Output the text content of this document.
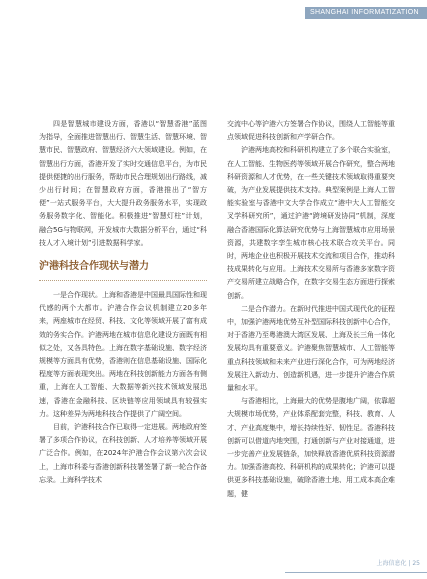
SHANGHAI INFORMATIZATION

四是智慧城市建设方面，香港以“智慧香港”蓝图为指导，全面推进智慧出行、智慧生活、智慧环境、智慧市民、智慧政府、智慧经济六大领域建设。例如，在智慧出行方面，香港开发了实时交通信息平台，为市民提供便捷的出行服务，帮助市民合理规划出行路线，减少出行时间；在智慧政府方面，香港推出了“智方便”一站式服务平台，大大提升政务服务水平，实现政务服务数字化、智能化。积极推进“智慧灯柱”计划，融合5G与物联网，开发城市大数据分析平台，通过“科技人才入境计划”引进数据科学家。

沪港科技合作现状与潜力

一是合作现状。上海和香港是中国最具国际性和现代感的两个大都市。沪港合作会议机制建立20多年来，两座城市在经贸、科技、文化等领域开展了富有成效的务实合作。沪港两地在城市信息化建设方面既有相似之处，又各具特色。上海在数字基础设施、数字经济规模等方面具有优势，香港则在信息基础设施、国际化程度等方面表现突出。两地在科技创新能力方面各有侧重，上海在人工智能、大数据等新兴技术领域发展迅速，香港在金融科技、区块链等应用领域具有较强实力。这种差异为两地科技合作提供了广阔空间。

目前，沪港科技合作已取得一定进展。两地政府签署了多项合作协议，在科技创新、人才培养等领域开展广泛合作。例如，在2024年沪港合作会议第六次会议上，上海市科委与香港创新科技署签署了新一轮合作备忘录。上海科学技术

交流中心等沪港六方签署合作协议，围绕人工智能等重点领域促进科技创新和产学研合作。

沪港两地高校和科研机构建立了多个联合实验室，在人工智能、生物医药等领域开展合作研究，整合两地科研资源和人才优势，在一些关键技术领域取得重要突破，为产业发展提供技术支持。典型案例是上海人工智能实验室与香港中文大学合作成立“港中大人工智能交叉学科研究所”，通过沪港“跨境研发协同”机制，深度融合香港国际化算法研究优势与上海智慧城市应用场景资源，共建数字孪生城市核心技术联合攻关平台。同时，两地企业也积极开展技术交流和项目合作，推动科技成果转化与应用。上海技术交易所与香港多家数字资产交易所建立战略合作，在数字交易生态方面进行探索创新。

二是合作潜力。在新时代推进中国式现代化的征程中，加强沪港两地优势互补型国际科技创新中心合作，对于香港乃至粤港澳大湾区发展、上海及长三角一体化发展均具有重要意义。沪港聚焦智慧城市、人工智能等重点科技领域和未来产业进行深化合作，可为两地经济发展注入新动力、创造新机遇，进一步提升沪港合作质量和水平。

与香港相比，上海最大的优势是腹地广阔，依靠超大规模市场优势，产业体系配套完整，科技、教育、人才、产业高度集中，增长持续性好、韧性足。香港科技创新可以借道内地突围，打通创新与产业对接通道，进一步完善产业发展链条，加快释放香港优质科技资源潜力。加强香港高校、科研机构的成果转化；沪港可以提供更多科技基础设施，破除香港土地、用工成本高企难题，健

上海信息化 | 25
